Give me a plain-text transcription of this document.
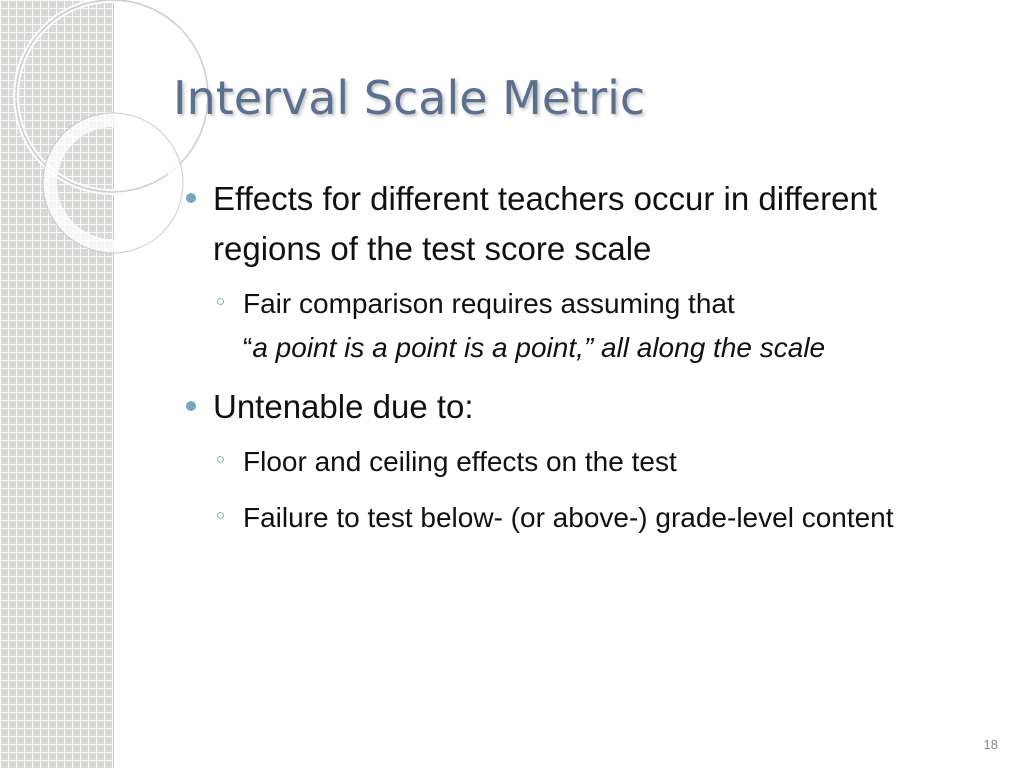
Interval Scale Metric
Effects for different teachers occur in different regions of the test score scale
Fair comparison requires assuming that
“a point is a point is a point,” all along the scale
Untenable due to:
Floor and ceiling effects on the test
Failure to test below- (or above-) grade-level content
18
